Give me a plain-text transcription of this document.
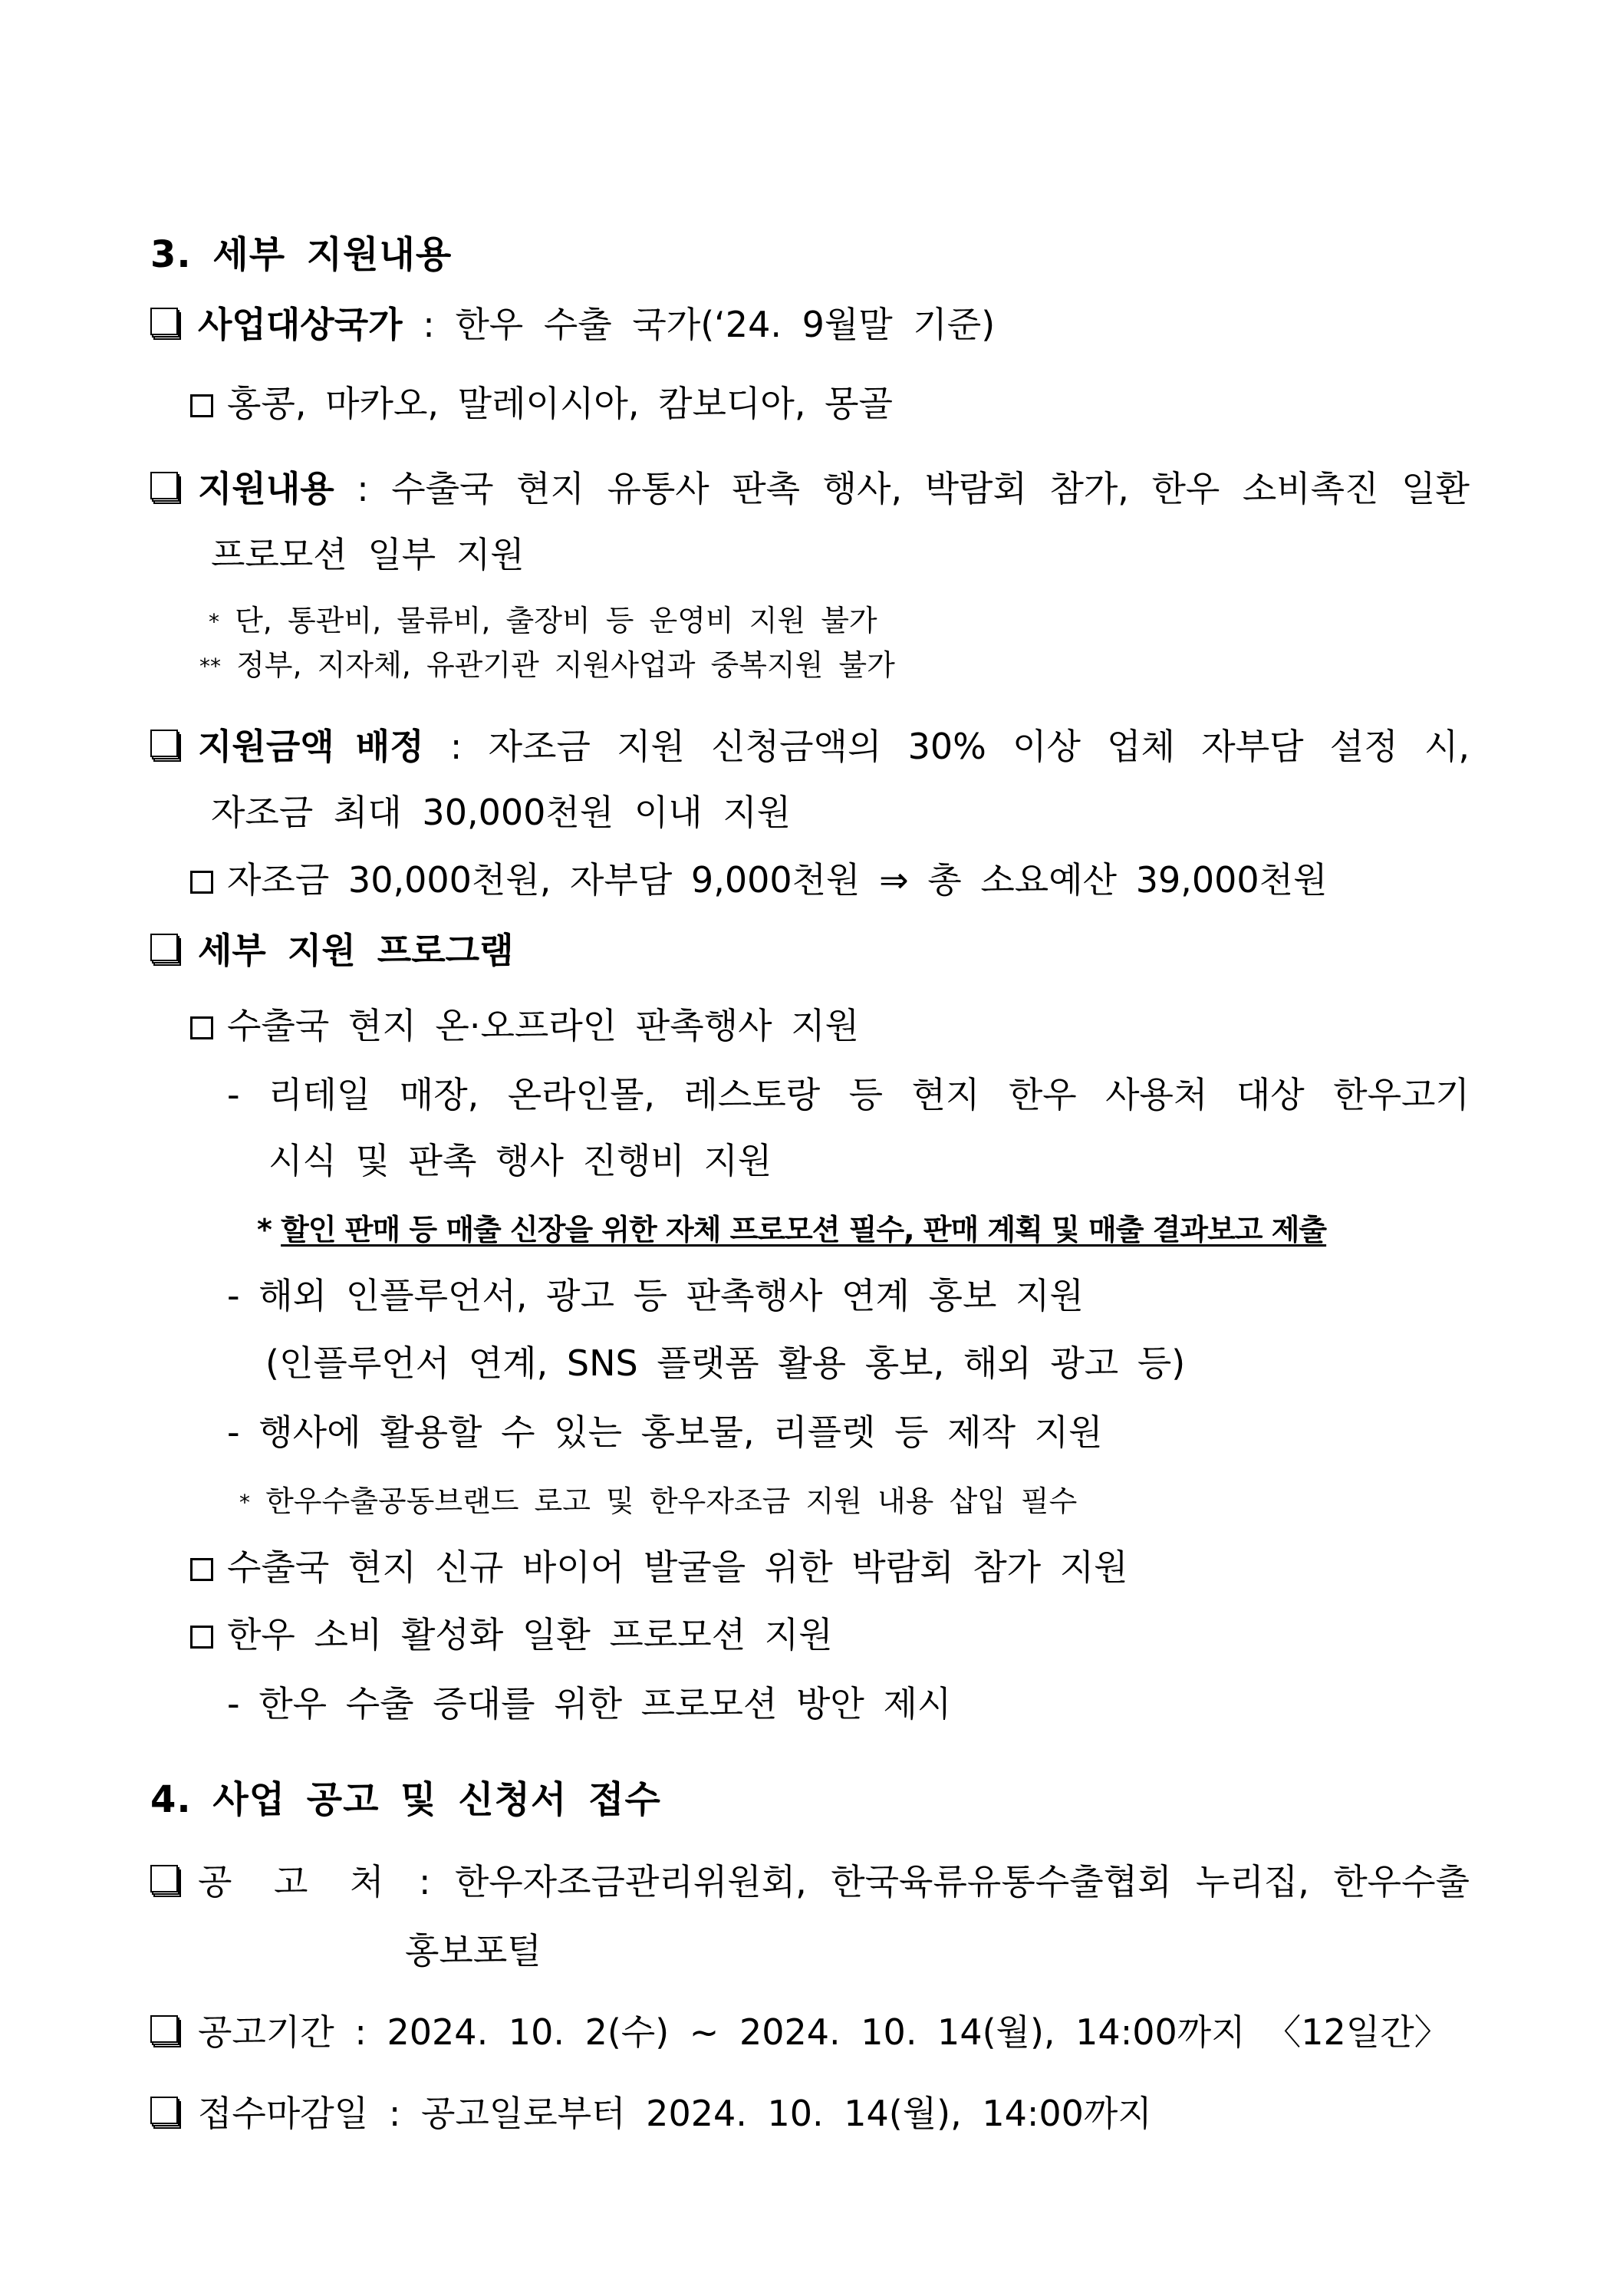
3. 세부 지원내용
사업대상국가 : 한우 수출 국가(‘24. 9월말 기준)
홍콩, 마카오, 말레이시아, 캄보디아, 몽골
지원내용 : 수출국 현지 유통사 판촉 행사, 박람회 참가, 한우 소비촉진 일환
프로모션 일부 지원
* 단, 통관비, 물류비, 출장비 등 운영비 지원 불가
** 정부, 지자체, 유관기관 지원사업과 중복지원 불가
지원금액 배정 : 자조금 지원 신청금액의 30% 이상 업체 자부담 설정 시,
자조금 최대 30,000천원 이내 지원
자조금 30,000천원, 자부담 9,000천원 ⇒ 총 소요예산 39,000천원
세부 지원 프로그램
수출국 현지 온·오프라인 판촉행사 지원
- 리테일 매장, 온라인몰, 레스토랑 등 현지 한우 사용처 대상 한우고기
시식 및 판촉 행사 진행비 지원
* 할인 판매 등 매출 신장을 위한 자체 프로모션 필수, 판매 계획 및 매출 결과보고 제출
- 해외 인플루언서, 광고 등 판촉행사 연계 홍보 지원
(인플루언서 연계, SNS 플랫폼 활용 홍보, 해외 광고 등)
- 행사에 활용할 수 있는 홍보물, 리플렛 등 제작 지원
* 한우수출공동브랜드 로고 및 한우자조금 지원 내용 삽입 필수
수출국 현지 신규 바이어 발굴을 위한 박람회 참가 지원
한우 소비 활성화 일환 프로모션 지원
- 한우 수출 증대를 위한 프로모션 방안 제시
4. 사업 공고 및 신청서 접수
공 고 처 : 한우자조금관리위원회, 한국육류유통수출협회 누리집, 한우수출
홍보포털
공고기간 : 2024. 10. 2(수) ~ 2024. 10. 14(월), 14:00까지 〈12일간〉
접수마감일 : 공고일로부터 2024. 10. 14(월), 14:00까지
